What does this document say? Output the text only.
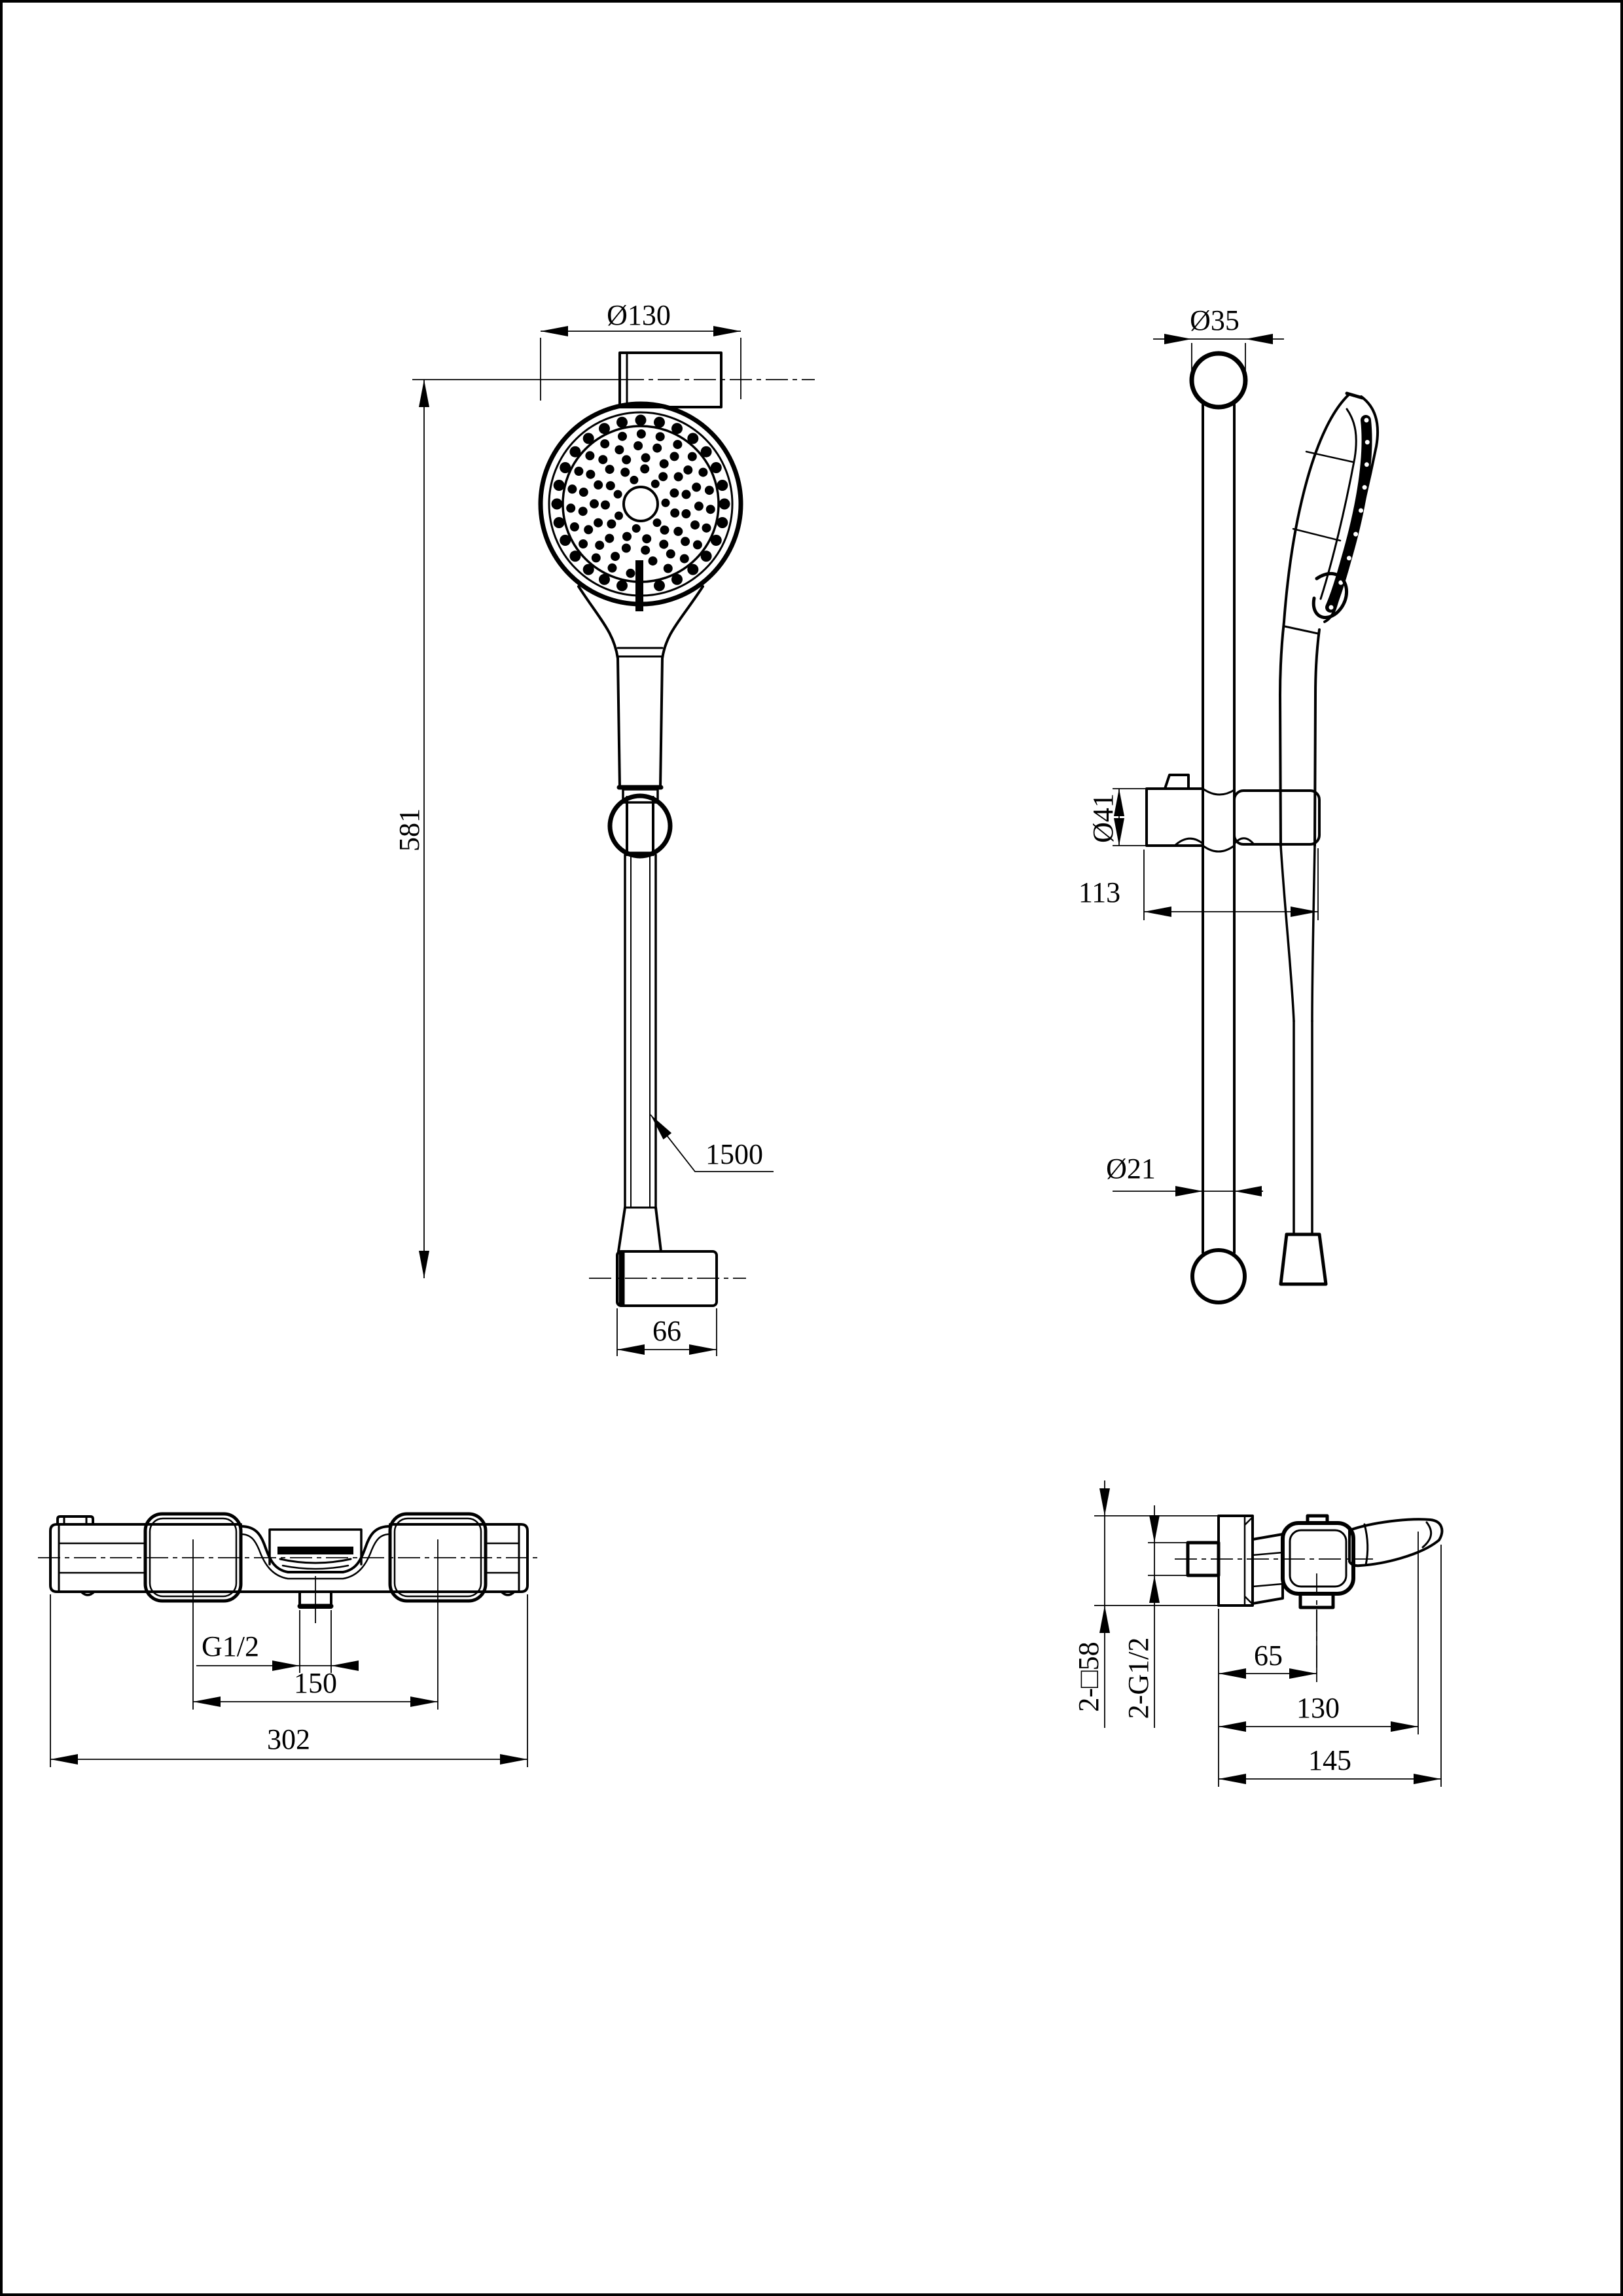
Ø130
581
1500
66
Ø35
Ø41
113
Ø21
G1/2
150
302
2-□58 2-G1/2	65
130
145
